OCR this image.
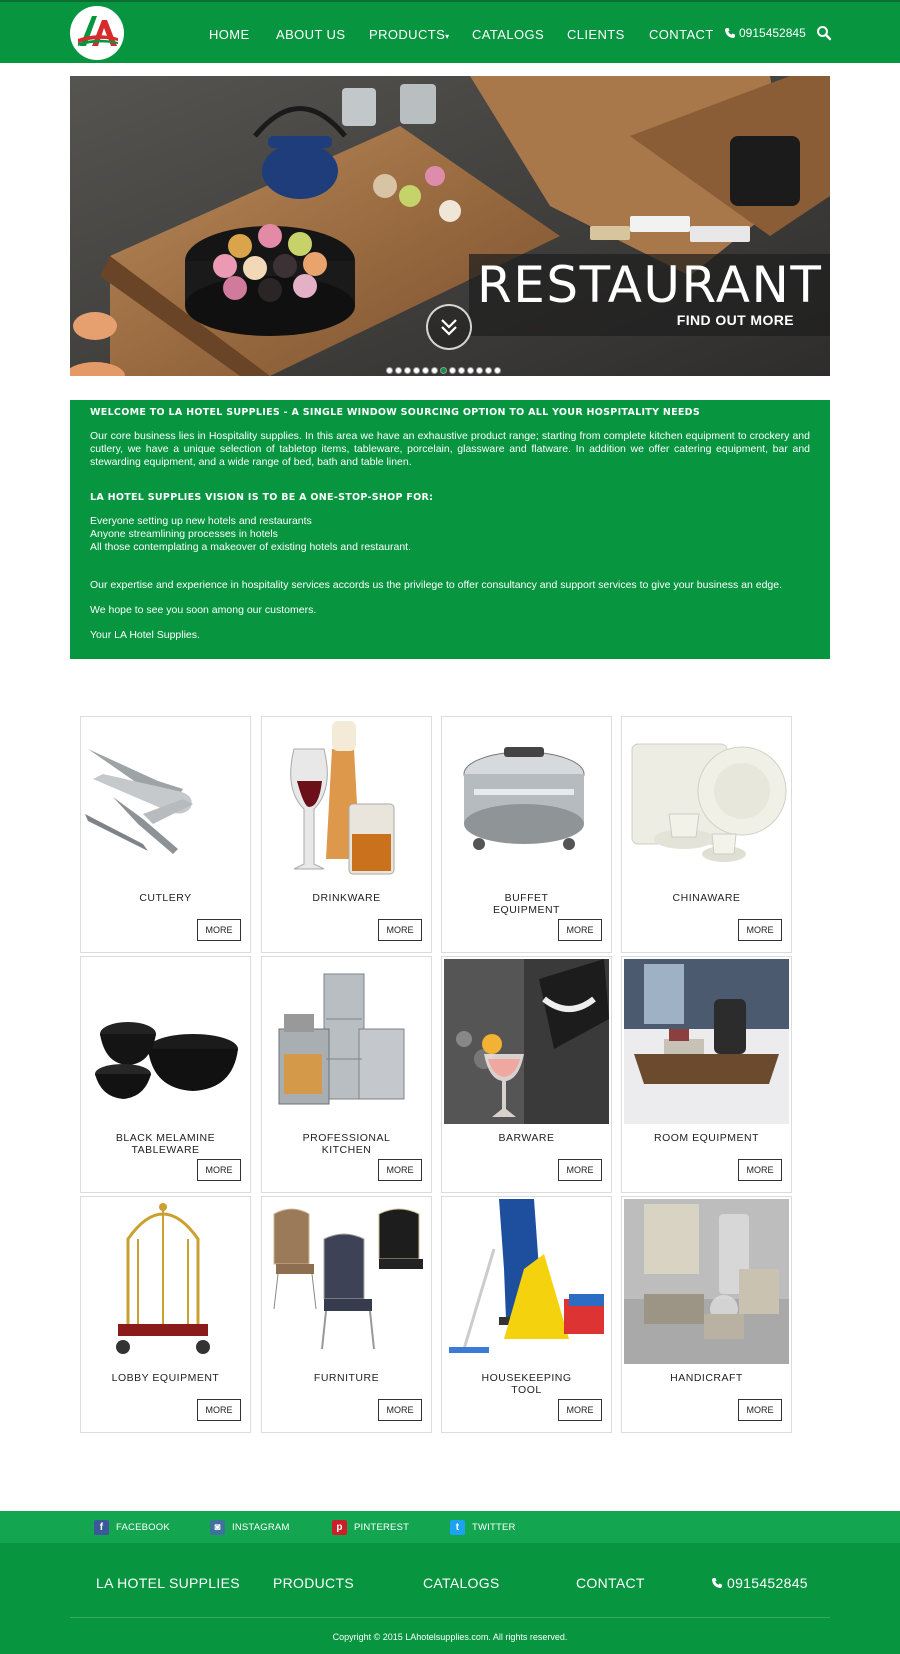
HOME ABOUT US PRODUCTS▾ CATALOGS CLIENTS CONTACT 0915452845
RESTAURANT
FIND OUT MORE
WELCOME TO LA HOTEL SUPPLIES - A SINGLE WINDOW SOURCING OPTION TO ALL YOUR HOSPITALITY NEEDS

Our core business lies in Hospitality supplies. In this area we have an exhaustive product range; starting from complete kitchen equipment to crockery and cutlery, we have a unique selection of tabletop items, tableware, porcelain, glassware and flatware. In addition we offer catering equipment, bar and stewarding equipment, and a wide range of bed, bath and table linen.

LA HOTEL SUPPLIES VISION IS TO BE A ONE-STOP-SHOP FOR:
Everyone setting up new hotels and restaurants
Anyone streamlining processes in hotels
All those contemplating a makeover of existing hotels and restaurant.

Our expertise and experience in hospitality services accords us the privilege to offer consultancy and support services to give your business an edge.

We hope to see you soon among our customers.

Your LA Hotel Supplies.

CUTLERY
MORE
DRINKWARE
MORE
BUFFET EQUIPMENT
MORE
CHINAWARE
MORE
BLACK MELAMINE TABLEWARE
MORE
PROFESSIONAL KITCHEN
MORE
BARWARE
MORE
ROOM EQUIPMENT
MORE
LOBBY EQUIPMENT
MORE
FURNITURE
MORE
HOUSEKEEPING TOOL
MORE
HANDICRAFT
MORE
f	FACEBOOK	◙	INSTAGRAM	p	PINTEREST	t	TWITTER
LA HOTEL SUPPLIES PRODUCTS	CATALOGS	CONTACT	0915452845
Copyright © 2015 LAhotelsupplies.com. All rights reserved.
